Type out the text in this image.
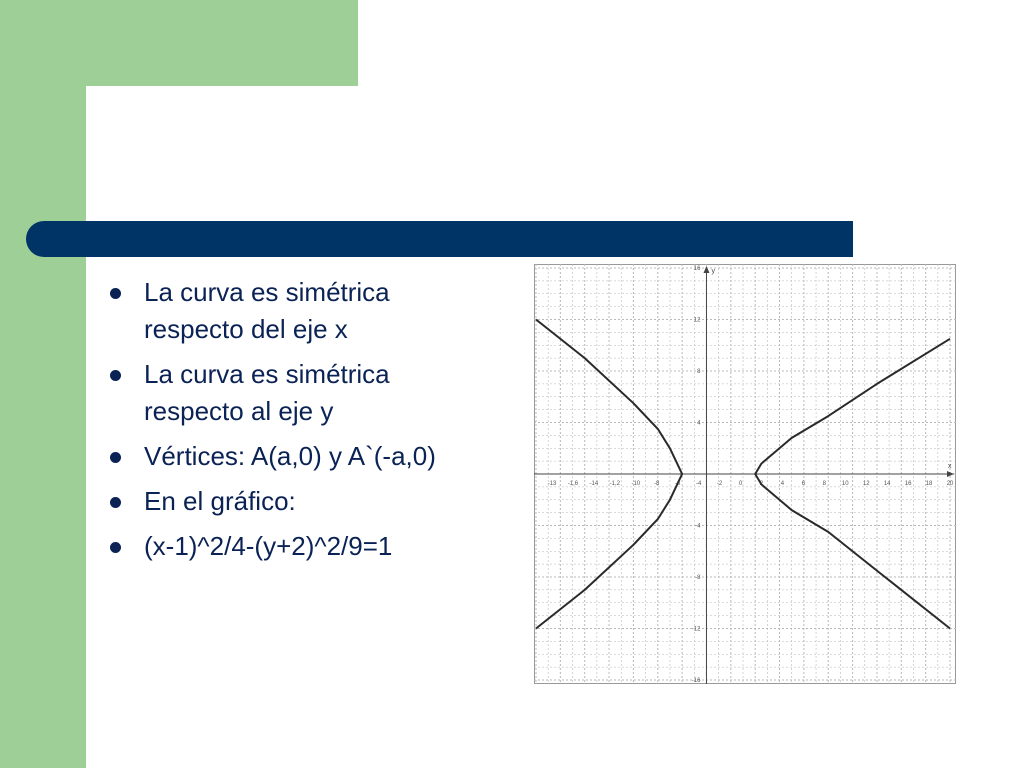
La curva es simétrica respecto del eje x
La curva es simétrica respecto al eje y
Vértices: A(a,0) y A`(-a,0)
En el gráfico:
(x-1)^2/4-(y+2)^2/9=1
x
y
-13 -1,6 -14 -1,2 -10 -8	-6	-4	-2	0	2	4	6	8	10 12 14 16 18 20
16
12
8
4
-4
-8
-12
-16
